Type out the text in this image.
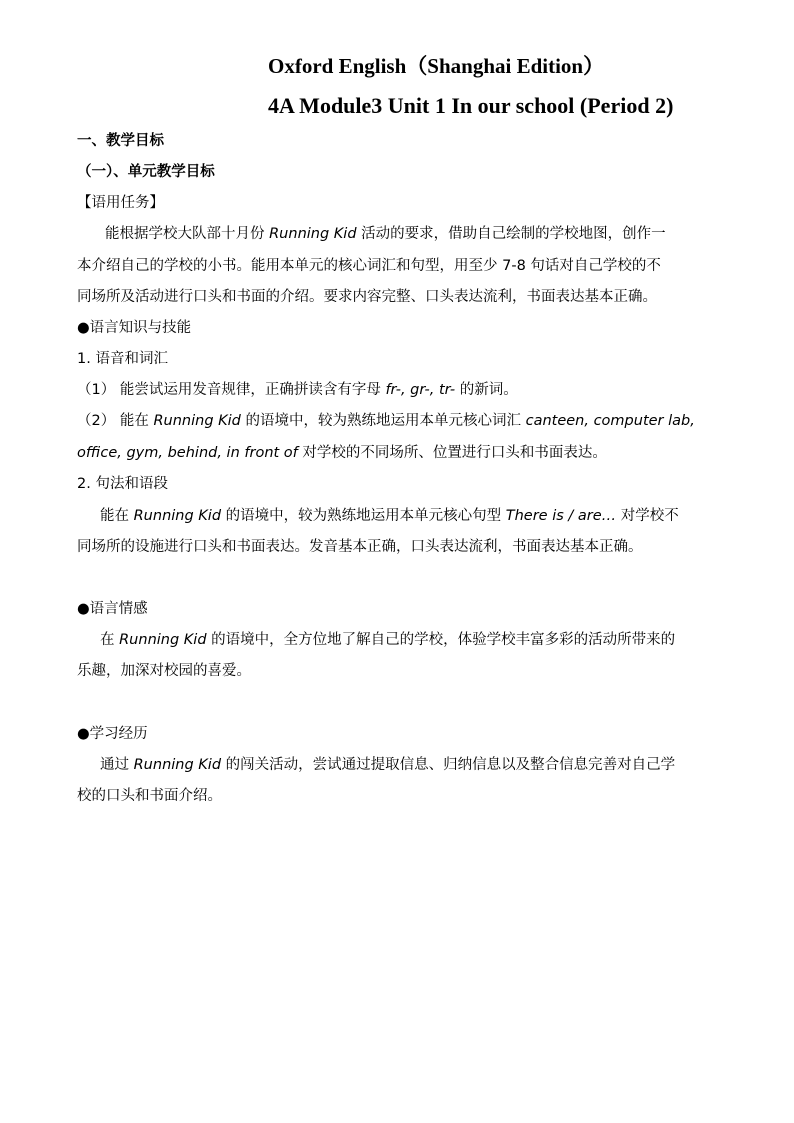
Oxford English（Shanghai Edition）
4A Module3 Unit 1 In our school (Period 2)
一、教学目标
（一）、单元教学目标
【语用任务】
能根据学校大队部十月份 Running Kid 活动的要求，借助自己绘制的学校地图，创作一
本介绍自己的学校的小书。能用本单元的核心词汇和句型，用至少 7-8 句话对自己学校的不
同场所及活动进行口头和书面的介绍。要求内容完整、口头表达流利，书面表达基本正确。
●语言知识与技能
1. 语音和词汇
（1） 能尝试运用发音规律，正确拼读含有字母 fr-, gr-, tr- 的新词。
（2） 能在 Running Kid 的语境中，较为熟练地运用本单元核心词汇 canteen, computer lab,
office, gym, behind, in front of 对学校的不同场所、位置进行口头和书面表达。
2. 句法和语段
能在 Running Kid 的语境中，较为熟练地运用本单元核心句型 There is / are… 对学校不
同场所的设施进行口头和书面表达。发音基本正确，口头表达流利，书面表达基本正确。
●语言情感
在 Running Kid 的语境中，全方位地了解自己的学校，体验学校丰富多彩的活动所带来的
乐趣，加深对校园的喜爱。
●学习经历
通过 Running Kid 的闯关活动，尝试通过提取信息、归纳信息以及整合信息完善对自己学
校的口头和书面介绍。
